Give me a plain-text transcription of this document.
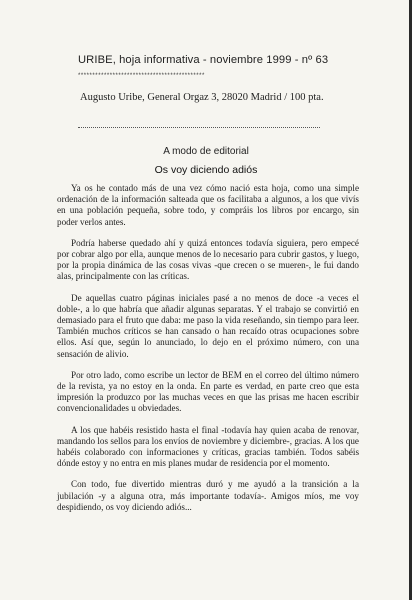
URIBE, hoja informativa - noviembre 1999 - nº 63
********************************************
Augusto Uribe, General Orgaz 3, 28020 Madrid / 100 pta.
A modo de editorial
Os voy diciendo adiós

Ya os he contado más de una vez cómo nació esta hoja, como una simple ordenación de la información salteada que os facilitaba a algunos, a los que vivís en una población pequeña, sobre todo, y compráis los libros por encargo, sin poder verlos antes.

Podría haberse quedado ahí y quizá entonces todavía siguiera, pero empecé por cobrar algo por ella, aunque menos de lo necesario para cubrir gastos, y luego, por la propia dinámica de las cosas vivas -que crecen o se mueren-, le fui dando alas, principalmente con las críticas.

De aquellas cuatro páginas iniciales pasé a no menos de doce -a veces el doble-, a lo que habría que añadir algunas separatas. Y el trabajo se convirtió en demasiado para el fruto que daba: me paso la vida reseñando, sin tiempo para leer. También muchos críticos se han cansado o han recaído otras ocupaciones sobre ellos. Así que, según lo anunciado, lo dejo en el próximo número, con una sensación de alivio.

Por otro lado, como escribe un lector de BEM en el correo del último número de la revista, ya no estoy en la onda. En parte es verdad, en parte creo que esta impresión la produzco por las muchas veces en que las prisas me hacen escribir convencionalidades u obviedades.

A los que habéis resistido hasta el final -todavía hay quien acaba de renovar, mandando los sellos para los envíos de noviembre y diciembre-, gracias. A los que habéis colaborado con informaciones y críticas, gracias también. Todos sabéis dónde estoy y no entra en mis planes mudar de residencia por el momento.

Con todo, fue divertido mientras duró y me ayudó a la transición a la jubilación -y a alguna otra, más importante todavía-. Amigos míos, me voy despidiendo, os voy diciendo adiós...
